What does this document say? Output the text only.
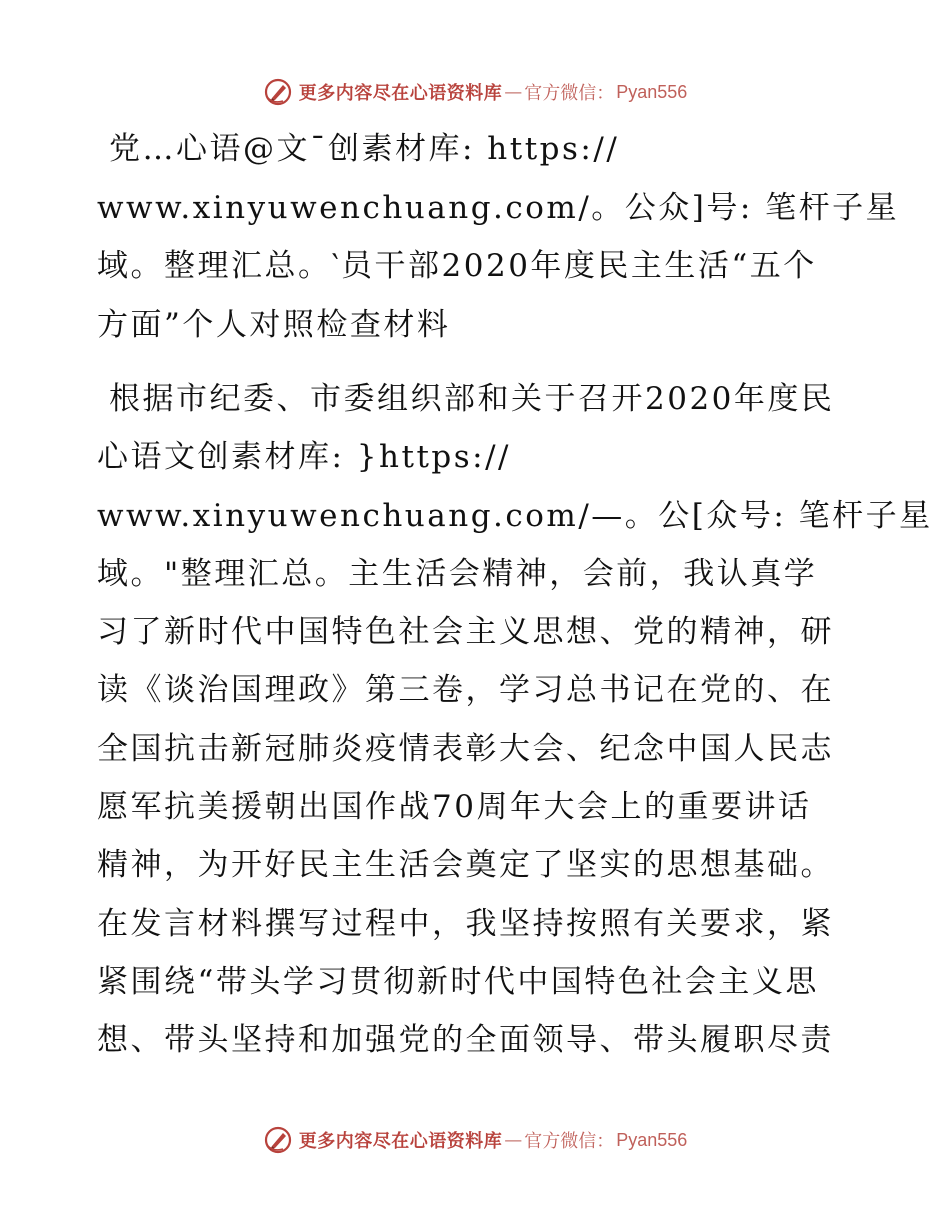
更多内容尽在心语资料库 — 官方微信： Pyan556
党…心语@文¯创素材库: https://
www.xinyuwenchuang.com/。公众]号: 笔杆子星
域。整理汇总。‵员干部2020年度民主生活“五个
方面”个人对照检查材料
根据市纪委、市委组织部和关于召开2020年度民
心语文创素材库: }https://
www.xinyuwenchuang.com/—。公[众号: 笔杆子星
域。"整理汇总。主生活会精神，会前，我认真学
习了新时代中国特色社会主义思想、党的精神，研
读《谈治国理政》第三卷，学习总书记在党的、在
全国抗击新冠肺炎疫情表彰大会、纪念中国人民志
愿军抗美援朝出国作战70周年大会上的重要讲话
精神，为开好民主生活会奠定了坚实的思想基础。
在发言材料撰写过程中，我坚持按照有关要求，紧
紧围绕“带头学习贯彻新时代中国特色社会主义思
想、带头坚持和加强党的全面领导、带头履职尽责
更多内容尽在心语资料库 — 官方微信： Pyan556
